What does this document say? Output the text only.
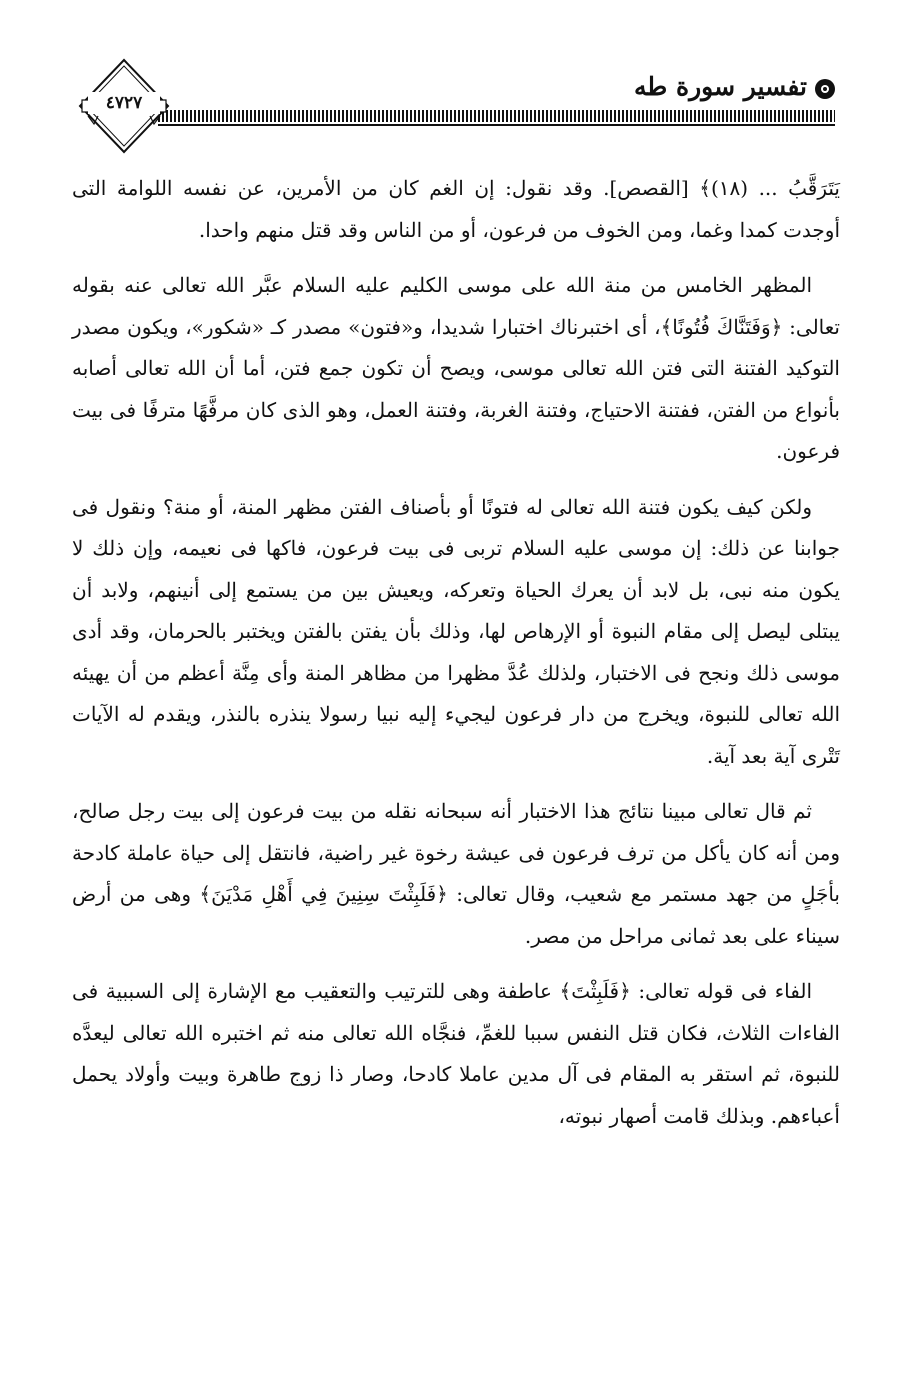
تفسير سورة طه
٤٧٢٧

يَتَرَقَّبُ ... (١٨)﴾ [القصص]. وقد نقول: إن الغم كان من الأمرين، عن نفسه اللوامة التى أوجدت كمدا وغما، ومن الخوف من فرعون، أو من الناس وقد قتل منهم واحدا.

المظهر الخامس من منة الله على موسى الكليم عليه السلام عبَّر الله تعالى عنه بقوله تعالى: ﴿وَفَتَنَّاكَ فُتُونًا﴾، أى اختبرناك اختبارا شديدا، و«فتون» مصدر كـ «شكور»، ويكون مصدر التوكيد الفتنة التى فتن الله تعالى موسى، ويصح أن تكون جمع فتن، أما أن الله تعالى أصابه بأنواع من الفتن، ففتنة الاحتياج، وفتنة الغربة، وفتنة العمل، وهو الذى كان مرفَّهًا مترفًا فى بيت فرعون.

ولكن كيف يكون فتنة الله تعالى له فتونًا أو بأصناف الفتن مظهر المنة، أو منة؟ ونقول فى جوابنا عن ذلك: إن موسى عليه السلام تربى فى بيت فرعون، فاكها فى نعيمه، وإن ذلك لا يكون منه نبى، بل لابد أن يعرك الحياة وتعركه، ويعيش بين من يستمع إلى أنينهم، ولابد أن يبتلى ليصل إلى مقام النبوة أو الإرهاص لها، وذلك بأن يفتن بالفتن ويختبر بالحرمان، وقد أدى موسى ذلك ونجح فى الاختبار، ولذلك عُدَّ مظهرا من مظاهر المنة وأى مِنَّة أعظم من أن يهيئه الله تعالى للنبوة، ويخرج من دار فرعون ليجيء إليه نبيا رسولا ينذره بالنذر، ويقدم له الآيات تَتْرى آية بعد آية.

ثم قال تعالى مبينا نتائج هذا الاختبار أنه سبحانه نقله من بيت فرعون إلى بيت رجل صالح، ومن أنه كان يأكل من ترف فرعون فى عيشة رخوة غير راضية، فانتقل إلى حياة عاملة كادحة بأجَلٍ من جهد مستمر مع شعيب، وقال تعالى: ﴿فَلَبِثْتَ سِنِينَ فِي أَهْلِ مَدْيَنَ﴾ وهى من أرض سيناء على بعد ثمانى مراحل من مصر.

الفاء فى قوله تعالى: ﴿فَلَبِثْتَ﴾ عاطفة وهى للترتيب والتعقيب مع الإشارة إلى السببية فى الفاءات الثلاث، فكان قتل النفس سببا للغمِّ، فنجَّاه الله تعالى منه ثم اختبره الله تعالى ليعدَّه للنبوة، ثم استقر به المقام فى آل مدين عاملا كادحا، وصار ذا زوج طاهرة وبيت وأولاد يحمل أعباءهم. وبذلك قامت أصهار نبوته،
